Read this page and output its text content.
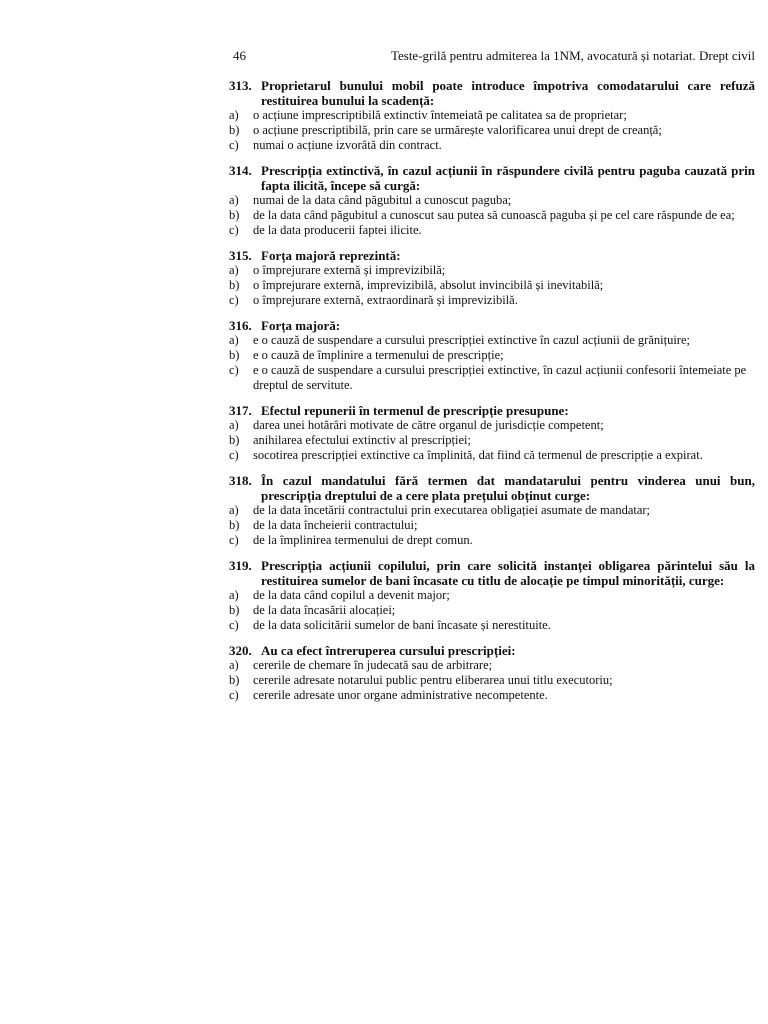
46	Teste-grilă pentru admiterea la 1NM, avocatură și notariat. Drept civil
313. Proprietarul bunului mobil poate introduce împotriva comodatarului care refuză restituirea bunului la scadență:
a)	o acțiune imprescriptibilă extinctiv întemeiată pe calitatea sa de proprietar;
b)	o acțiune prescriptibilă, prin care se urmărește valorificarea unui drept de creanță;
c)	numai o acțiune izvorâtă din contract.
314. Prescripția extinctivă, în cazul acțiunii în răspundere civilă pentru paguba cauzată prin fapta ilicită, începe să curgă:
a)	numai de la data când păgubitul a cunoscut paguba;
b)	de la data când păgubitul a cunoscut sau putea să cunoască paguba și pe cel care răspunde de ea;
c)	de la data producerii faptei ilicite.
315. Forța majoră reprezintă:
a)	o împrejurare externă și imprevizibilă;
b)	o împrejurare externă, imprevizibilă, absolut invincibilă și inevitabilă;
c)	o împrejurare externă, extraordinară și imprevizibilă.
316. Forța majoră:
a)	e o cauză de suspendare a cursului prescripției extinctive în cazul acțiunii de grănițuire;
b)	e o cauză de împlinire a termenului de prescripție;
c)	e o cauză de suspendare a cursului prescripției extinctive, în cazul acțiunii confesorii întemeiate pe dreptul de servitute.
317. Efectul repunerii în termenul de prescripție presupune:
a)	darea unei hotărâri motivate de către organul de jurisdicție competent;
b)	anihilarea efectului extinctiv al prescripției;
c)	socotirea prescripției extinctive ca împlinită, dat fiind că termenul de prescripție a expirat.
318. În cazul mandatului fără termen dat mandatarului pentru vinderea unui bun, prescripția dreptului de a cere plata prețului obținut curge:
a)	de la data încetării contractului prin executarea obligației asumate de mandatar;
b)	de la data încheierii contractului;
c)	de la împlinirea termenului de drept comun.
319. Prescripția acțiunii copilului, prin care solicită instanței obligarea părintelui său la restituirea sumelor de bani încasate cu titlu de alocație pe timpul minorității, curge:
a)	de la data când copilul a devenit major;
b)	de la data încasării alocației;
c)	de la data solicitării sumelor de bani încasate și nerestituite.
320. Au ca efect întreruperea cursului prescripției:
a)	cererile de chemare în judecată sau de arbitrare;
b)	cererile adresate notarului public pentru eliberarea unui titlu executoriu;
c)	cererile adresate unor organe administrative necompetente.
